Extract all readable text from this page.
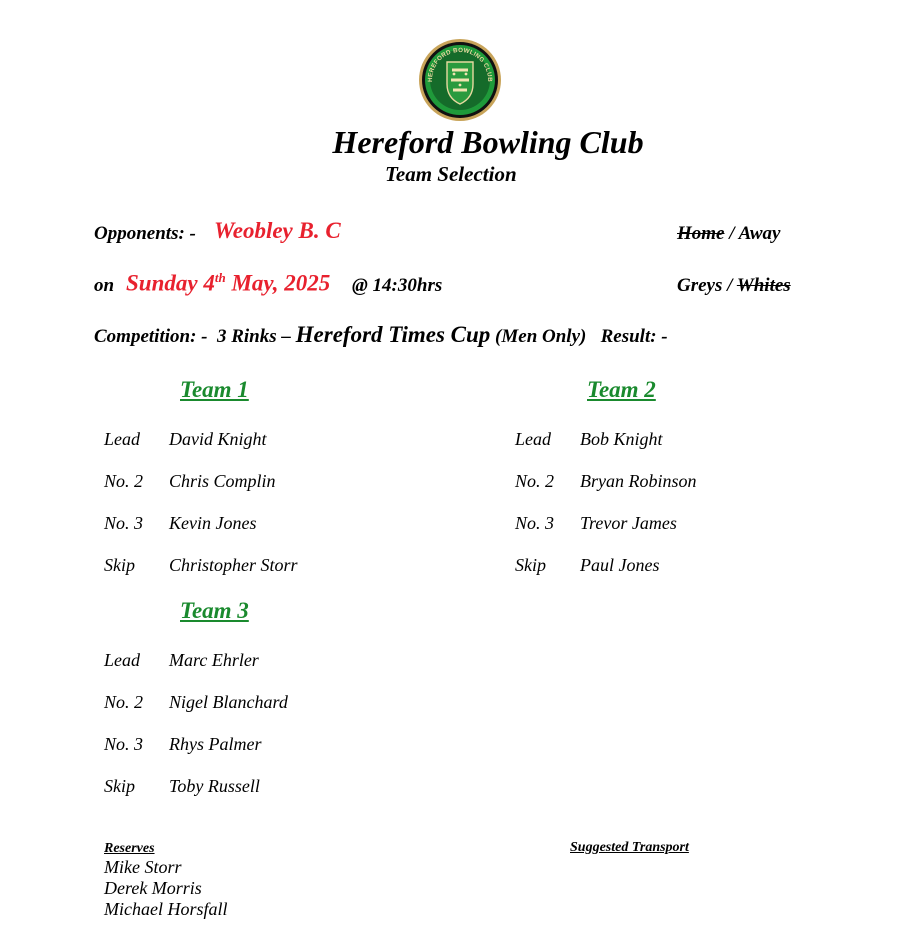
HEREFORD BOWLING CLUB
Hereford Bowling Club
Team Selection
Opponents: - Weobley B. C	Home / Away
on Sunday 4th May, 2025 @ 14:30hrs	Greys / Whites
Competition: - 3 Rinks – Hereford Times Cup (Men Only) Result: -
Team 1	Team 2
Team 3
Lead David Knight
No. 2 Chris Complin
No. 3 Kevin Jones
Skip Christopher Storr
Lead Bob Knight
No. 2 Bryan Robinson
No. 3 Trevor James
Skip Paul Jones
Lead Marc Ehrler
No. 2 Nigel Blanchard
No. 3 Rhys Palmer
Skip Toby Russell
Reserves
Mike Storr
Derek Morris
Michael Horsfall
Suggested Transport
